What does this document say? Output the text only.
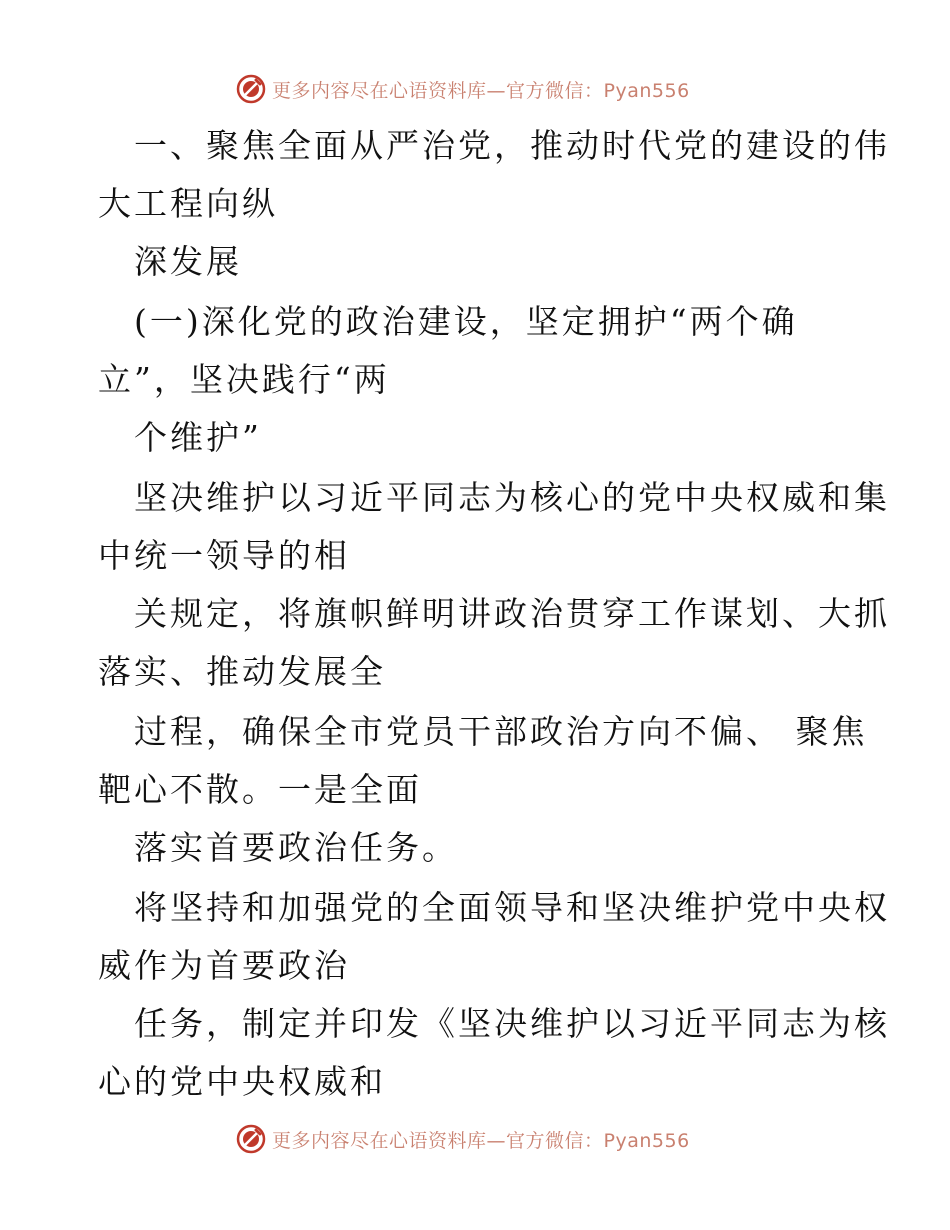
更多内容尽在心语资料库—官方微信：Pyan556
一、聚焦全面从严治党，推动时代党的建设的伟
大工程向纵
深发展
(一)深化党的政治建设，坚定拥护“两个确
立”，坚决践行“两
个维护”
坚决维护以习近平同志为核心的党中央权威和集
中统一领导的相
关规定，将旗帜鲜明讲政治贯穿工作谋划、大抓
落实、推动发展全
过程，确保全市党员干部政治方向不偏、 聚焦
靶心不散。一是全面
落实首要政治任务。
将坚持和加强党的全面领导和坚决维护党中央权
威作为首要政治
任务，制定并印发《坚决维护以习近平同志为核
心的党中央权威和
更多内容尽在心语资料库—官方微信：Pyan556
